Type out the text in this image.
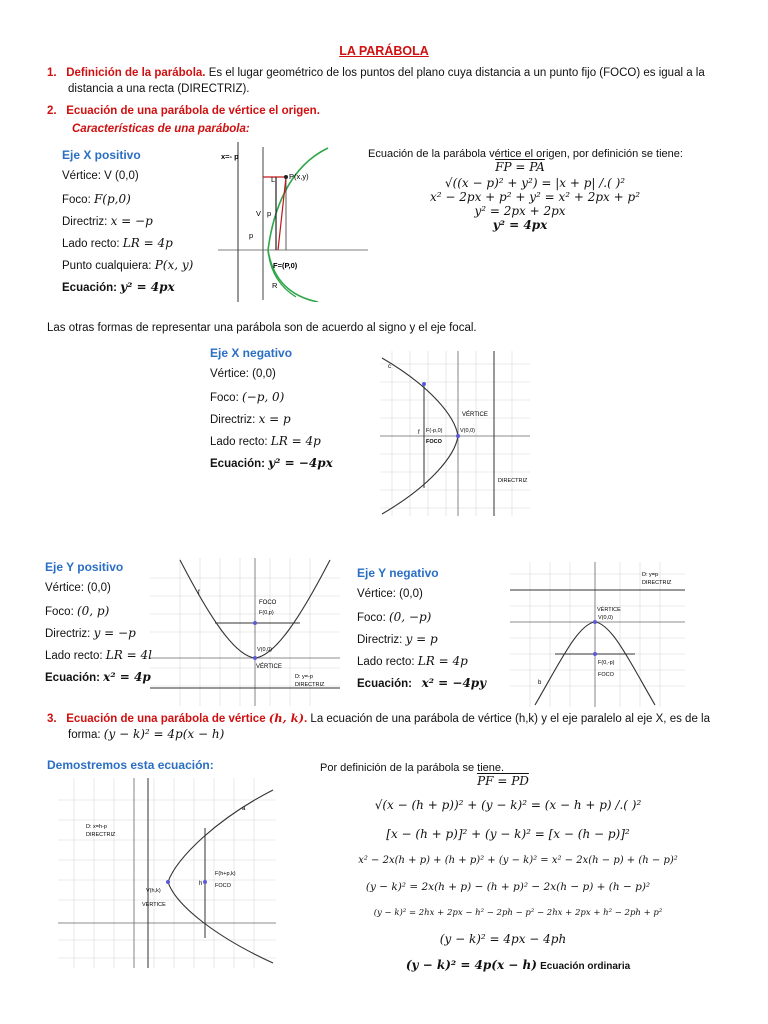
LA PARÁBOLA
1. Definición de la parábola. Es el lugar geométrico de los puntos del plano cuya distancia a un punto fijo (FOCO) es igual a la
distancia a una recta (DIRECTRIZ).
2. Ecuación de una parábola de vértice el origen.
Características de una parábola:
Eje X positivo
Vértice: V (0,0)
Foco: F(p,0)
Directriz: x = −p
Lado recto: LR = 4p
Punto cualquiera: P(x, y)
Ecuación: y² = 4px
x=- p
P(x,y)
L
V
p
p
F=(P,0)
R
Ecuación de la parábola vértice el origen, por definición se tiene:
FP = PA
√((x − p)² + y²) = |x + p| /.( )²
x² − 2px + p² + y² = x² + 2px + p²
y² = 2px + 2px
y² = 4px
Las otras formas de representar una parábola son de acuerdo al signo y el eje focal.
Eje X negativo
Vértice: (0,0)
Foco: (−p, 0)
Directriz: x = p
Lado recto: LR = 4p
Ecuación: y² = −4px
VÉRTICE
V(0,0)
F(-p,0)
FOCO
DIRECTRIZ
c
f
Eje Y positivo
Vértice: (0,0)
Foco: (0, p)
Directriz: y = −p
Lado recto: LR = 4l
Ecuación: x² = 4p
FOCO
F(0,p)
V(0,0)
VÉRTICE
D: y=-p
DIRECTRIZ
f
Eje Y negativo
Vértice: (0,0)
Foco: (0, −p)
Directriz: y = p
Lado recto: LR = 4p
Ecuación: x² = −4py
D: y=p
DIRECTRIZ
VÉRTICE
V(0,0)
F(0,-p)
FOCO
b
3. Ecuación de una parábola de vértice (h, k). La ecuación de una parábola de vértice (h,k) y el eje paralelo al eje X, es de la
forma: (y − k)² = 4p(x − h)
Demostremos esta ecuación:
D: x=h-p
DIRECTRIZ
F(h+p,k)
FOCO
V(h,k)
VÉRTICE
h
a
Por definición de la parábola se tiene.
PF = PD
√(x − (h + p))² + (y − k)² = (x − h + p) /.( )²
[x − (h + p)]² + (y − k)² = [x − (h − p)]²
x² − 2x(h + p) + (h + p)² + (y − k)² = x² − 2x(h − p) + (h − p)²
(y − k)² = 2x(h + p) − (h + p)² − 2x(h − p) + (h − p)²
(y − k)² = 2hx + 2px − h² − 2ph − p² − 2hx + 2px + h² − 2ph + p²
(y − k)² = 4px − 4ph
(y − k)² = 4p(x − h) Ecuación ordinaria
